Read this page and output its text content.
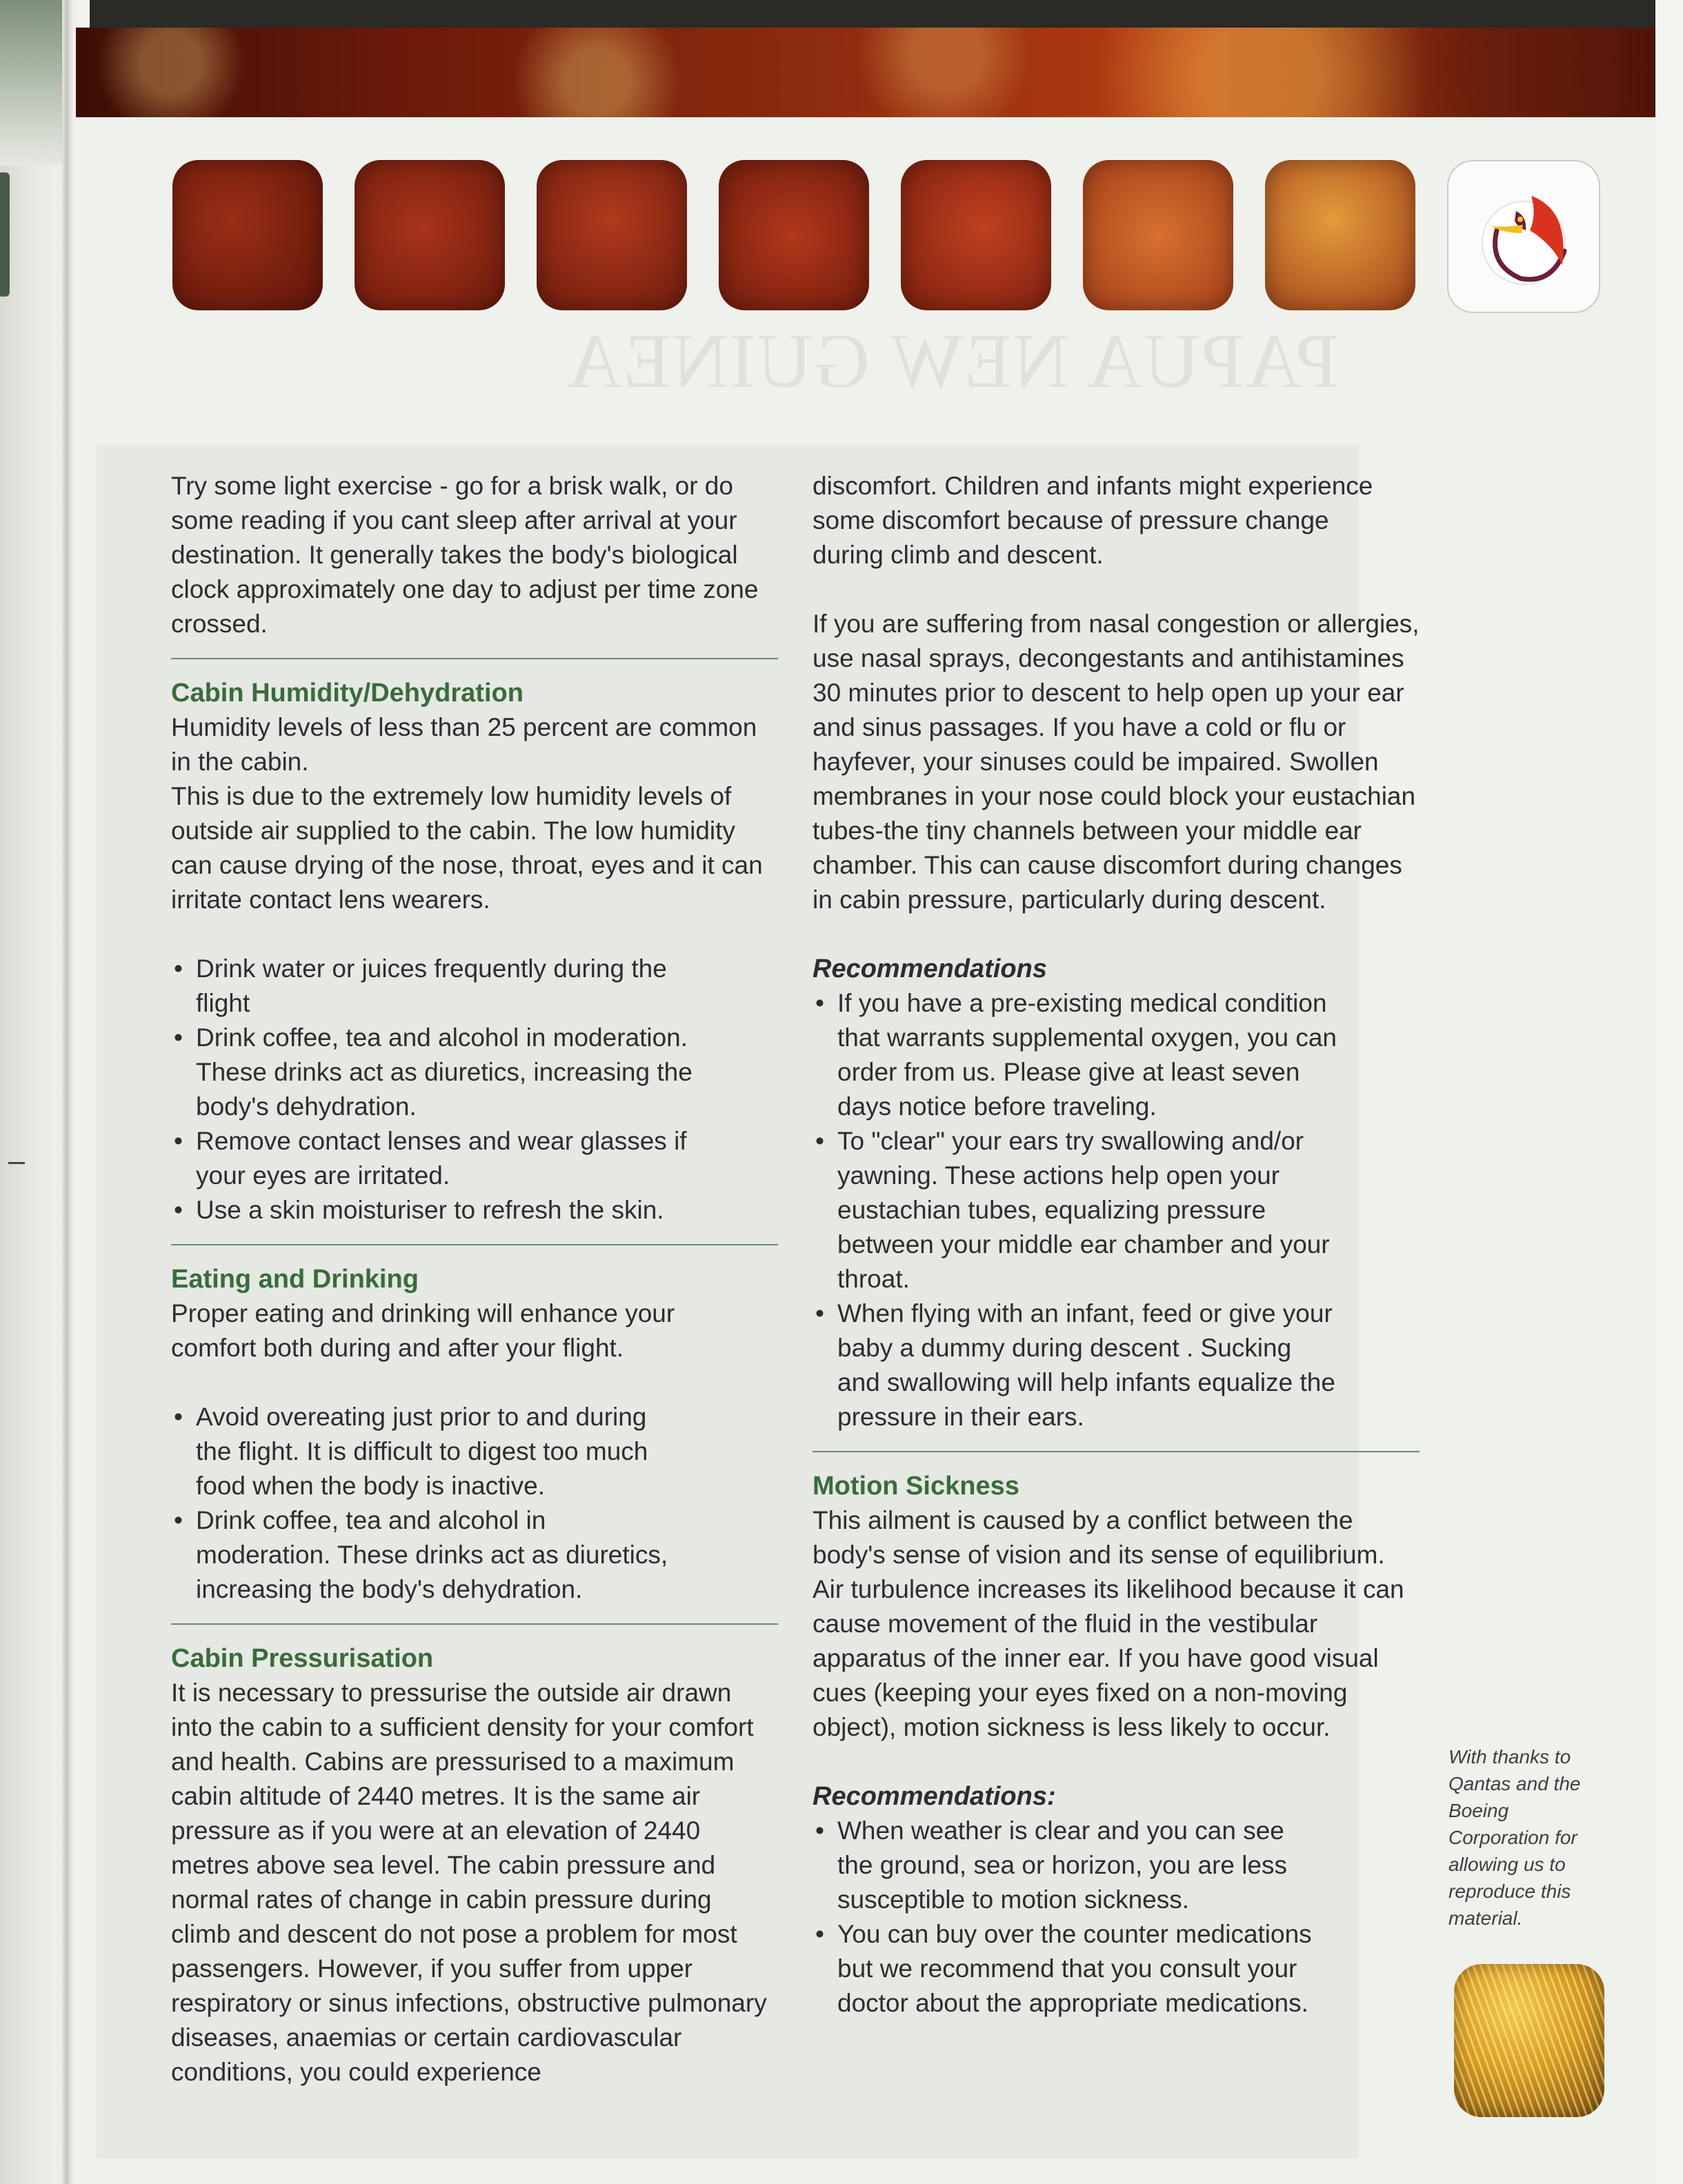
PAPUA NEW GUINEA

Try some light exercise - go for a brisk walk, or do some reading if you cant sleep after arrival at your destination. It generally takes the body's biological clock approximately one day to adjust per time zone crossed.

Cabin Humidity/Dehydration

Humidity levels of less than 25 percent are common in the cabin.

This is due to the extremely low humidity levels of outside air supplied to the cabin. The low humidity can cause drying of the nose, throat, eyes and it can irritate contact lens wearers.

• Drink water or juices frequently during the flight
• Drink coffee, tea and alcohol in moderation. These drinks act as diuretics, increasing the body's dehydration.
• Remove contact lenses and wear glasses if your eyes are irritated.
• Use a skin moisturiser to refresh the skin.
Eating and Drinking

Proper eating and drinking will enhance your comfort both during and after your flight.

• Avoid overeating just prior to and during the flight. It is difficult to digest too much food when the body is inactive.
• Drink coffee, tea and alcohol in moderation. These drinks act as diuretics, increasing the body's dehydration.
Cabin Pressurisation

It is necessary to pressurise the outside air drawn into the cabin to a sufficient density for your comfort and health. Cabins are pressurised to a maximum cabin altitude of 2440 metres. It is the same air pressure as if you were at an elevation of 2440 metres above sea level. The cabin pressure and normal rates of change in cabin pressure during climb and descent do not pose a problem for most passengers. However, if you suffer from upper respiratory or sinus infections, obstructive pulmonary diseases, anaemias or certain cardiovascular conditions, you could experience

discomfort. Children and infants might experience some discomfort because of pressure change during climb and descent.

If you are suffering from nasal congestion or allergies, use nasal sprays, decongestants and antihistamines 30 minutes prior to descent to help open up your ear and sinus passages. If you have a cold or flu or hayfever, your sinuses could be impaired. Swollen membranes in your nose could block your eustachian tubes-the tiny channels between your middle ear chamber. This can cause discomfort during changes in cabin pressure, particularly during descent.

Recommendations
• If you have a pre-existing medical condition that warrants supplemental oxygen, you can order from us. Please give at least seven days notice before traveling.
• To "clear" your ears try swallowing and/or yawning. These actions help open your eustachian tubes, equalizing pressure between your middle ear chamber and your throat.
• When flying with an infant, feed or give your baby a dummy during descent . Sucking and swallowing will help infants equalize the pressure in their ears.
Motion Sickness

This ailment is caused by a conflict between the body's sense of vision and its sense of equilibrium. Air turbulence increases its likelihood because it can cause movement of the fluid in the vestibular apparatus of the inner ear. If you have good visual cues (keeping your eyes fixed on a non-moving object), motion sickness is less likely to occur.

Recommendations:
• When weather is clear and you can see the ground, sea or horizon, you are less susceptible to motion sickness.
• You can buy over the counter medications but we recommend that you consult your doctor about the appropriate medications.
With thanks to Qantas and the Boeing Corporation for allowing us to reproduce this material.
